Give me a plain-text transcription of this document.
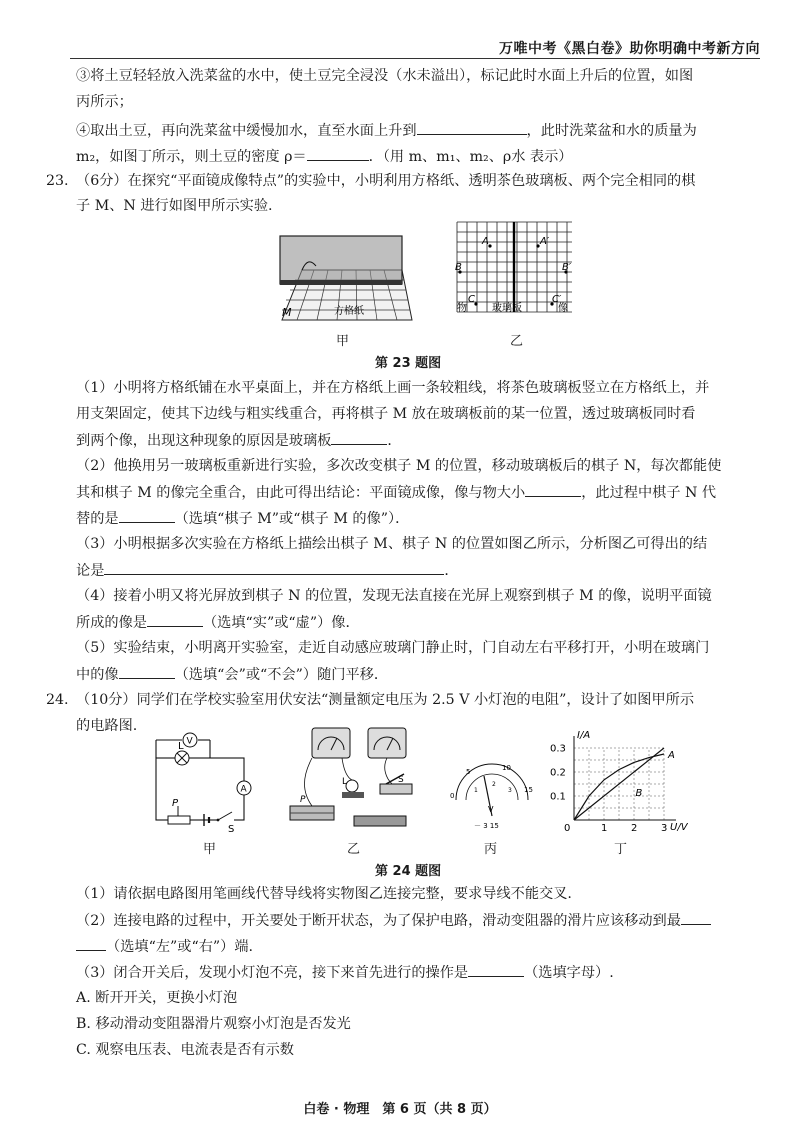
万唯中考《黑白卷》助你明确中考新方向
③将土豆轻轻放入洗菜盆的水中，使土豆完全浸没（水未溢出），标记此时水面上升后的位置，如图
丙所示；
④取出土豆，再向洗菜盆中缓慢加水，直至水面上升到	，此时洗菜盆和水的质量为
m₂，如图丁所示，则土豆的密度 ρ＝	．（用 m、m₁、m₂、ρ水 表示）
23. （6分）在探究“平面镜成像特点”的实验中，小明利用方格纸、透明茶色玻璃板、两个完全相同的棋
子 M、N 进行如图甲所示实验.
M	方格纸
A	A′
B	B′
C	C′
物	玻璃板	像
甲	乙
第 23 题图
（1）小明将方格纸铺在水平桌面上，并在方格纸上画一条较粗线，将茶色玻璃板竖立在方格纸上，并
用支架固定，使其下边线与粗实线重合，再将棋子 M 放在玻璃板前的某一位置，透过玻璃板同时看
到两个像，出现这种现象的原因是玻璃板	．
（2）他换用另一玻璃板重新进行实验，多次改变棋子 M 的位置，移动玻璃板后的棋子 N，每次都能使
其和棋子 M 的像完全重合，由此可得出结论：平面镜成像，像与物大小	，此过程中棋子 N 代
替的是	（选填“棋子 M”或“棋子 M 的像”）．
（3）小明根据多次实验在方格纸上描绘出棋子 M、棋子 N 的位置如图乙所示，分析图乙可得出的结
论是	．
（4）接着小明又将光屏放到棋子 N 的位置，发现无法直接在光屏上观察到棋子 M 的像，说明平面镜
所成的像是	（选填“实”或“虚”）像．
（5）实验结束，小明离开实验室，走近自动感应玻璃门静止时，门自动左右平移打开，小明在玻璃门
中的像	（选填“会”或“不会”）随门平移．
24. （10分）同学们在学校实验室用伏安法“测量额定电压为 2.5 V 小灯泡的电阻”，设计了如图甲所示
的电路图.
V
L
A
P
S
L	S
P	0
5	10
15
1
2
3
V
－ 3 15	0	1 2 3
0.1
0.2
0.3
U/V
I/A
A
B
甲	乙	丙	丁
第 24 题图
（1）请依据电路图用笔画线代替导线将实物图乙连接完整，要求导线不能交叉.
（2）连接电路的过程中，开关要处于断开状态，为了保护电路，滑动变阻器的滑片应该移动到最
（选填“左”或“右”）端.
（3）闭合开关后，发现小灯泡不亮，接下来首先进行的操作是	（选填字母）.
A. 断开开关，更换小灯泡
B. 移动滑动变阻器滑片观察小灯泡是否发光
C. 观察电压表、电流表是否有示数
白卷 · 物理　第 6 页（共 8 页）
